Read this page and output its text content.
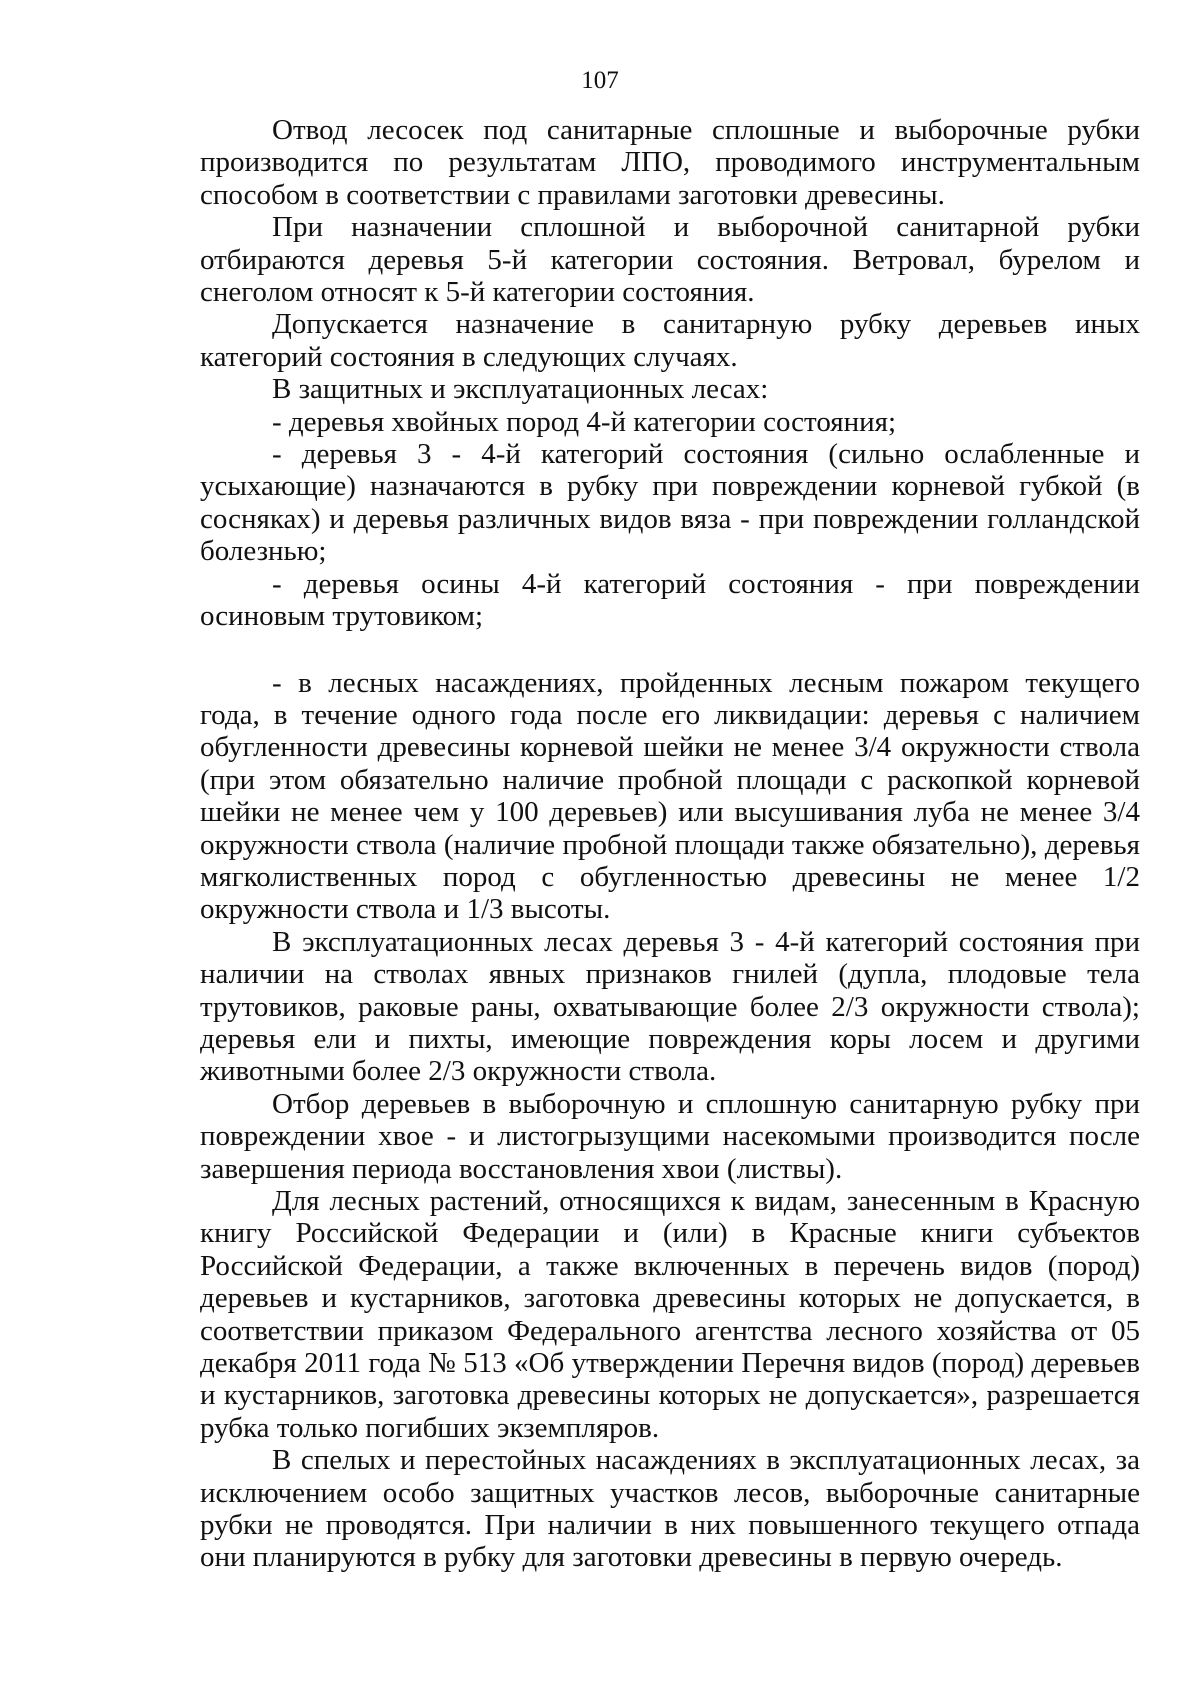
107

Отвод лесосек под санитарные сплошные и выборочные рубки производится по результатам ЛПО, проводимого инструментальным способом в соответствии с правилами заготовки древесины.

При назначении сплошной и выборочной санитарной рубки отбираются деревья 5-й категории состояния. Ветровал, бурелом и снеголом относят к 5-й категории состояния.

Допускается назначение в санитарную рубку деревьев иных категорий состояния в следующих случаях.

В защитных и эксплуатационных лесах:

- деревья хвойных пород 4-й категории состояния;

- деревья 3 - 4-й категорий состояния (сильно ослабленные и усыхающие) назначаются в рубку при повреждении корневой губкой (в сосняках) и деревья различных видов вяза - при повреждении голландской болезнью;

- деревья осины 4-й категорий состояния - при повреждении осиновым трутовиком;

- в лесных насаждениях, пройденных лесным пожаром текущего года, в течение одного года после его ликвидации: деревья с наличием обугленности древесины корневой шейки не менее 3/4 окружности ствола (при этом обязательно наличие пробной площади с раскопкой корневой шейки не менее чем у 100 деревьев) или высушивания луба не менее 3/4 окружности ствола (наличие пробной площади также обязательно), деревья мягколиственных пород с обугленностью древесины не менее 1/2 окружности ствола и 1/3 высоты.

В эксплуатационных лесах деревья 3 - 4-й категорий состояния при наличии на стволах явных признаков гнилей (дупла, плодовые тела трутовиков, раковые раны, охватывающие более 2/3 окружности ствола); деревья ели и пихты, имеющие повреждения коры лосем и другими животными более 2/3 окружности ствола.

Отбор деревьев в выборочную и сплошную санитарную рубку при повреждении хвое - и листогрызущими насекомыми производится после завершения периода восстановления хвои (листвы).

Для лесных растений, относящихся к видам, занесенным в Красную книгу Российской Федерации и (или) в Красные книги субъектов Российской Федерации, а также включенных в перечень видов (пород) деревьев и кустарников, заготовка древесины которых не допускается, в соответствии приказом Федерального агентства лесного хозяйства от 05 декабря 2011 года № 513 «Об утверждении Перечня видов (пород) деревьев и кустарников, заготовка древесины которых не допускается», разрешается рубка только погибших экземпляров.

В спелых и перестойных насаждениях в эксплуатационных лесах, за исключением особо защитных участков лесов, выборочные санитарные рубки не проводятся. При наличии в них повышенного текущего отпада они планируются в рубку для заготовки древесины в первую очередь.
